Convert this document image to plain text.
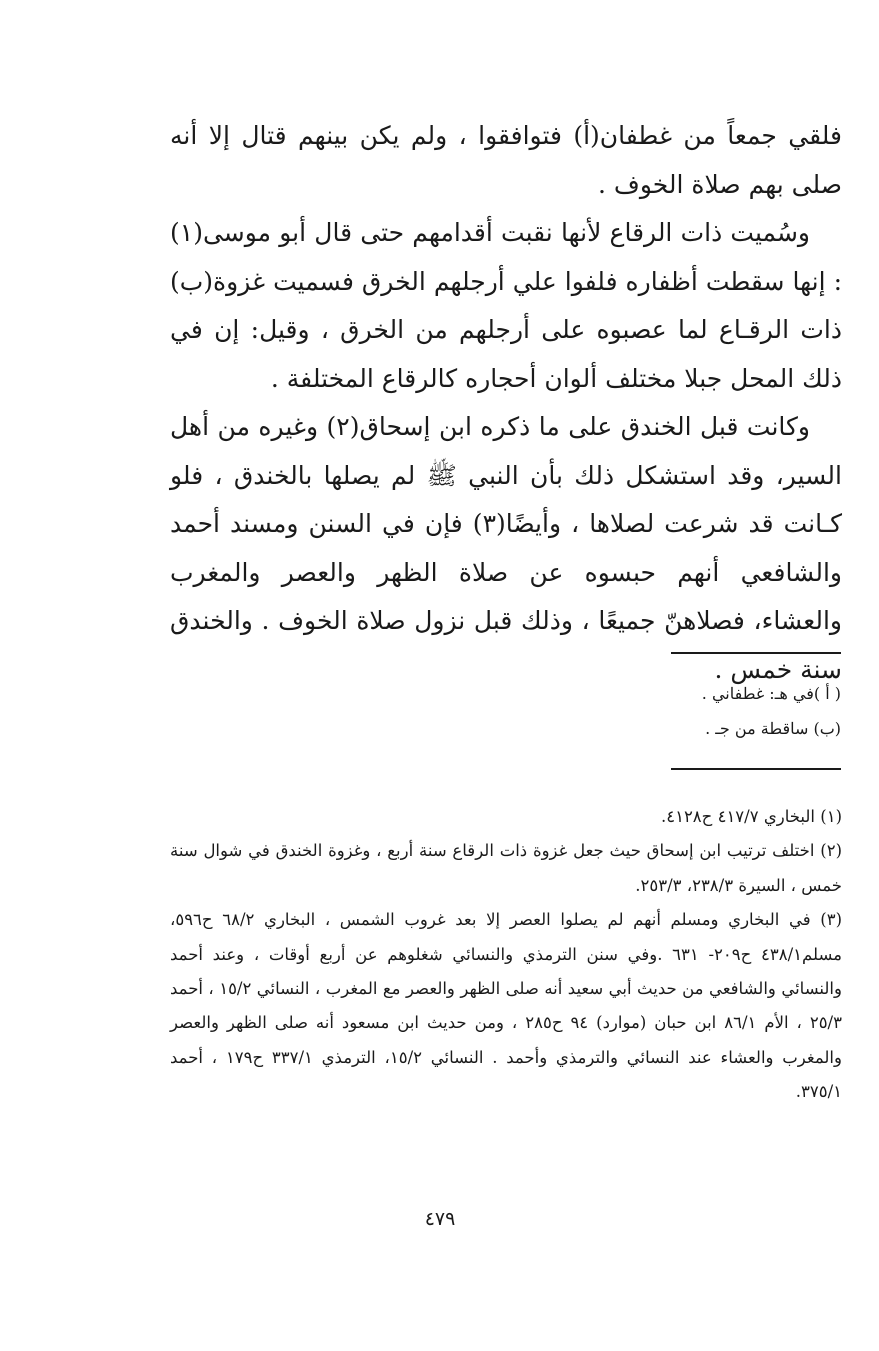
فلقي جمعاً من غطفان(أ) فتوافقوا ، ولم يكن بينهم قتال إلا أنه صلى بهم صلاة الخوف .

وسُميت ذات الرقاع لأنها نقبت أقدامهم حتى قال أبو موسى(١) : إنها سقطت أظفاره فلفوا علي أرجلهم الخرق فسميت غزوة(ب) ذات الرقـاع لما عصبوه على أرجلهم من الخرق ، وقيل: إن في ذلك المحل جبلا مختلف ألوان أحجاره كالرقاع المختلفة .

وكانت قبل الخندق على ما ذكره ابن إسحاق(٢) وغيره من أهل السير، وقد استشكل ذلك بأن النبي ﷺ لم يصلها بالخندق ، فلو كـانت قد شرعت لصلاها ، وأيضًا(٣) فإن في السنن ومسند أحمد والشافعي أنهم حبسوه عن صلاة الظهر والعصر والمغرب والعشاء، فصلاهنّ جميعًا ، وذلك قبل نزول صلاة الخوف . والخندق سنة خمس .

( أ )في هـ: غطفاني .
(ب) ساقطة من جـ .

(١) البخاري ٤١٧/٧ ح٤١٢٨.

(٢) اختلف ترتيب ابن إسحاق حيث جعل غزوة ذات الرقاع سنة أربع ، وغزوة الخندق في شوال سنة خمس ، السيرة ٢٣٨/٣، ٢٥٣/٣.

(٣) في البخاري ومسلم أنهم لم يصلوا العصر إلا بعد غروب الشمس ، البخاري ٦٨/٢ ح٥٩٦، مسلم٤٣٨/١ ح٢٠٩- ٦٣١ .وفي سنن الترمذي والنسائي شغلوهم عن أربع أوقات ، وعند أحمد والنسائي والشافعي من حديث أبي سعيد أنه صلى الظهر والعصر مع المغرب ، النسائي ١٥/٢ ، أحمد ٢٥/٣ ، الأم ٨٦/١ ابن حبان (موارد) ٩٤ ح٢٨٥ ، ومن حديث ابن مسعود أنه صلى الظهر والعصر والمغرب والعشاء عند النسائي والترمذي وأحمد . النسائي ١٥/٢، الترمذي ٣٣٧/١ ح١٧٩ ، أحمد ٣٧٥/١.

٤٧٩
